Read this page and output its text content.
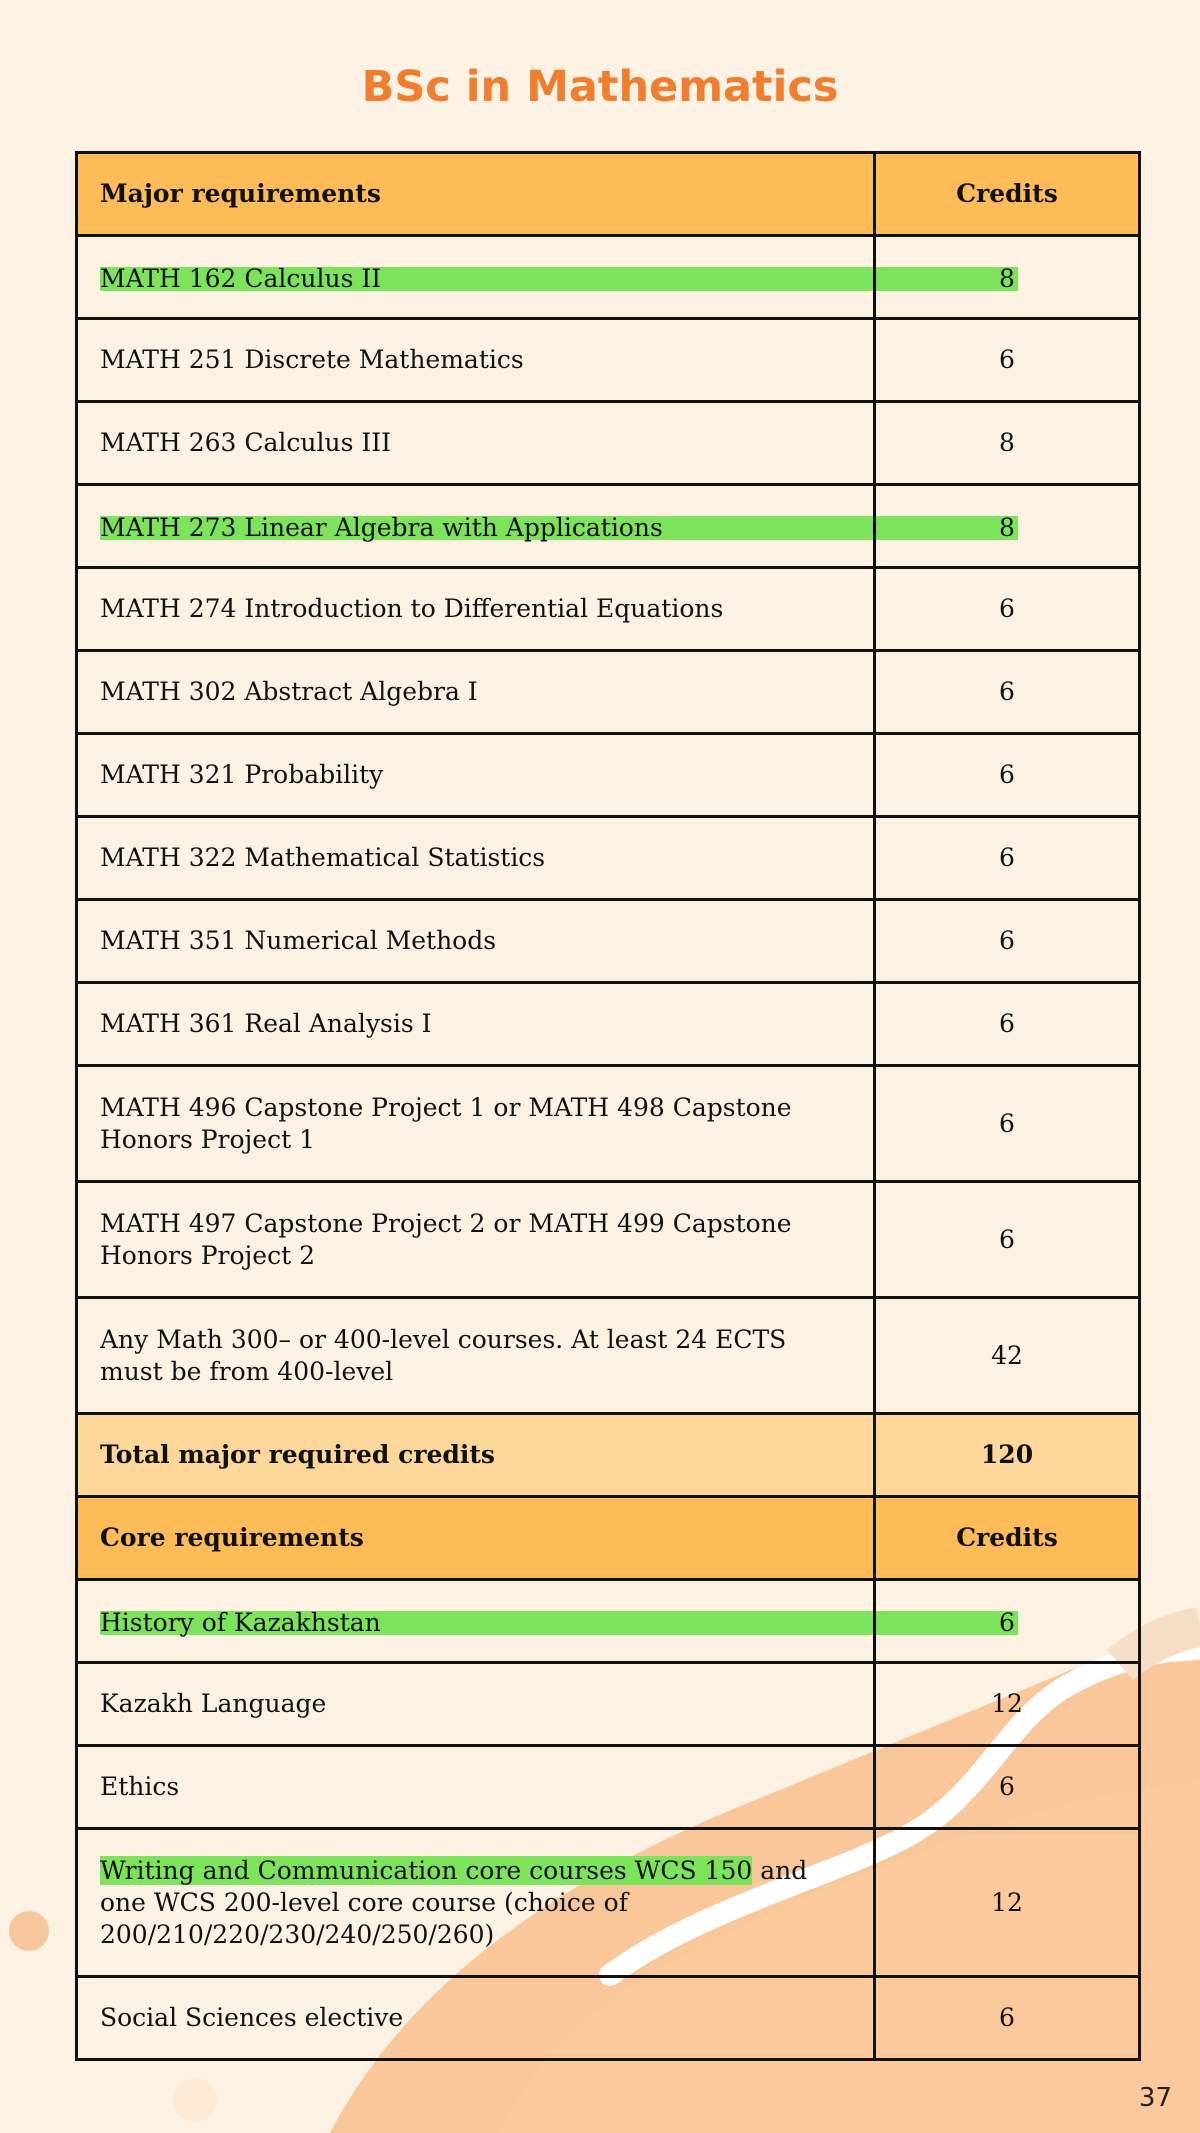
BSc in Mathematics
Major requirements	Credits

MATH 162 Calculus II	8

MATH 251 Discrete Mathematics	6
MATH 263 Calculus III	8

MATH 273 Linear Algebra with Applications	8

MATH 274 Introduction to Differential Equations	6
MATH 302 Abstract Algebra I	6
MATH 321 Probability	6
MATH 322 Mathematical Statistics	6
MATH 351 Numerical Methods	6
MATH 361 Real Analysis I	6
MATH 496 Capstone Project 1 or MATH 498 Capstone Honors Project 1	6
MATH 497 Capstone Project 2 or MATH 499 Capstone Honors Project 2	6
Any Math 300– or 400-level courses. At least 24 ECTS must be from 400-level	42
Total major required credits	120
Core requirements	Credits

History of Kazakhstan	6

Kazakh Language	12
Ethics	6
Writing and Communication core courses WCS 150 and one WCS 200-level core course (choice of 200/210/220/230/240/250/260)	12
Social Sciences elective	6
37
